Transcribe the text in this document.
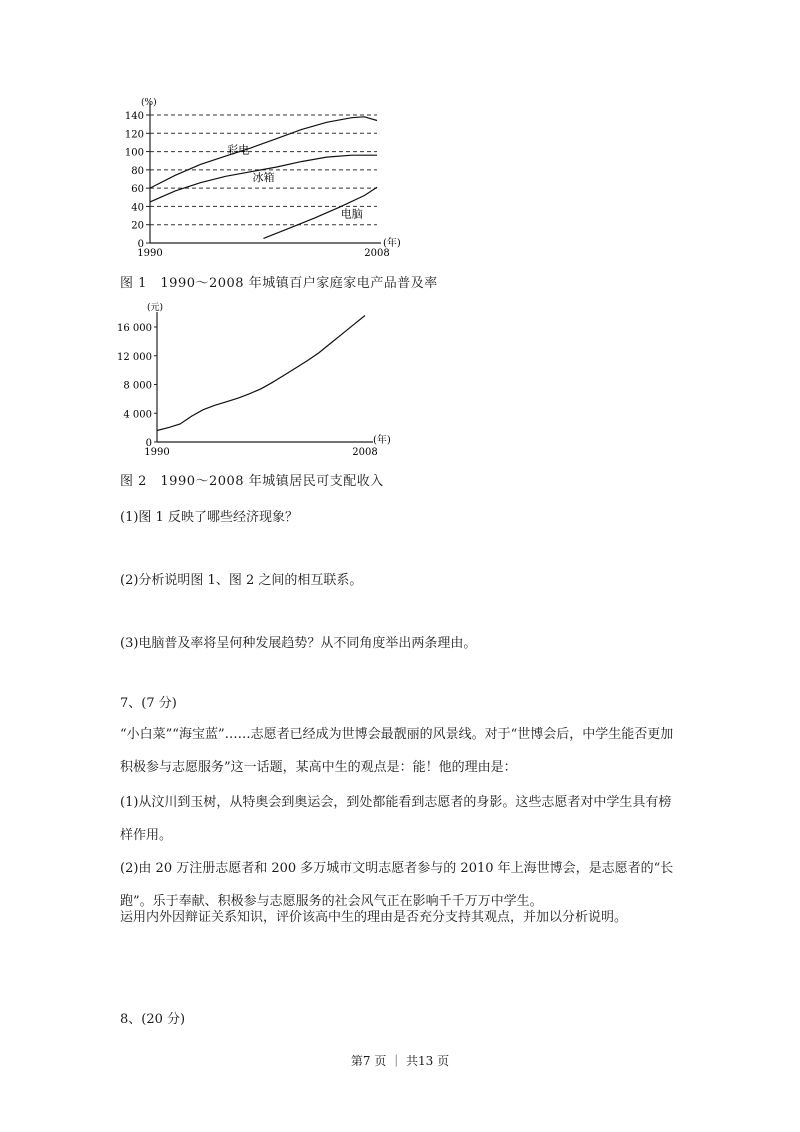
0
20
40
60
80
100
120
140
(%)
(年)
1990	2008
彩电
冰箱
电脑
图 1　1990～2008 年城镇百户家庭家电产品普及率
0
4 000
8 000
12 000
16 000
(元)
(年)
1990	2008
图 2　1990～2008 年城镇居民可支配收入
(1)图 1 反映了哪些经济现象？
(2)分析说明图 1、图 2 之间的相互联系。
(3)电脑普及率将呈何种发展趋势？从不同角度举出两条理由。
7、(7 分)
“小白菜”“海宝蓝”……志愿者已经成为世博会最靓丽的风景线。对于“世博会后，中学生能否更加积极参与志愿服务”这一话题，某高中生的观点是：能！他的理由是：
(1)从汶川到玉树，从特奥会到奥运会，到处都能看到志愿者的身影。这些志愿者对中学生具有榜样作用。
(2)由 20 万注册志愿者和 200 多万城市文明志愿者参与的 2010 年上海世博会，是志愿者的“长跑”。乐于奉献、积极参与志愿服务的社会风气正在影响千千万万中学生。
运用内外因辩证关系知识，评价该高中生的理由是否充分支持其观点，并加以分析说明。
8、(20 分)
第7 页 ｜ 共13 页
